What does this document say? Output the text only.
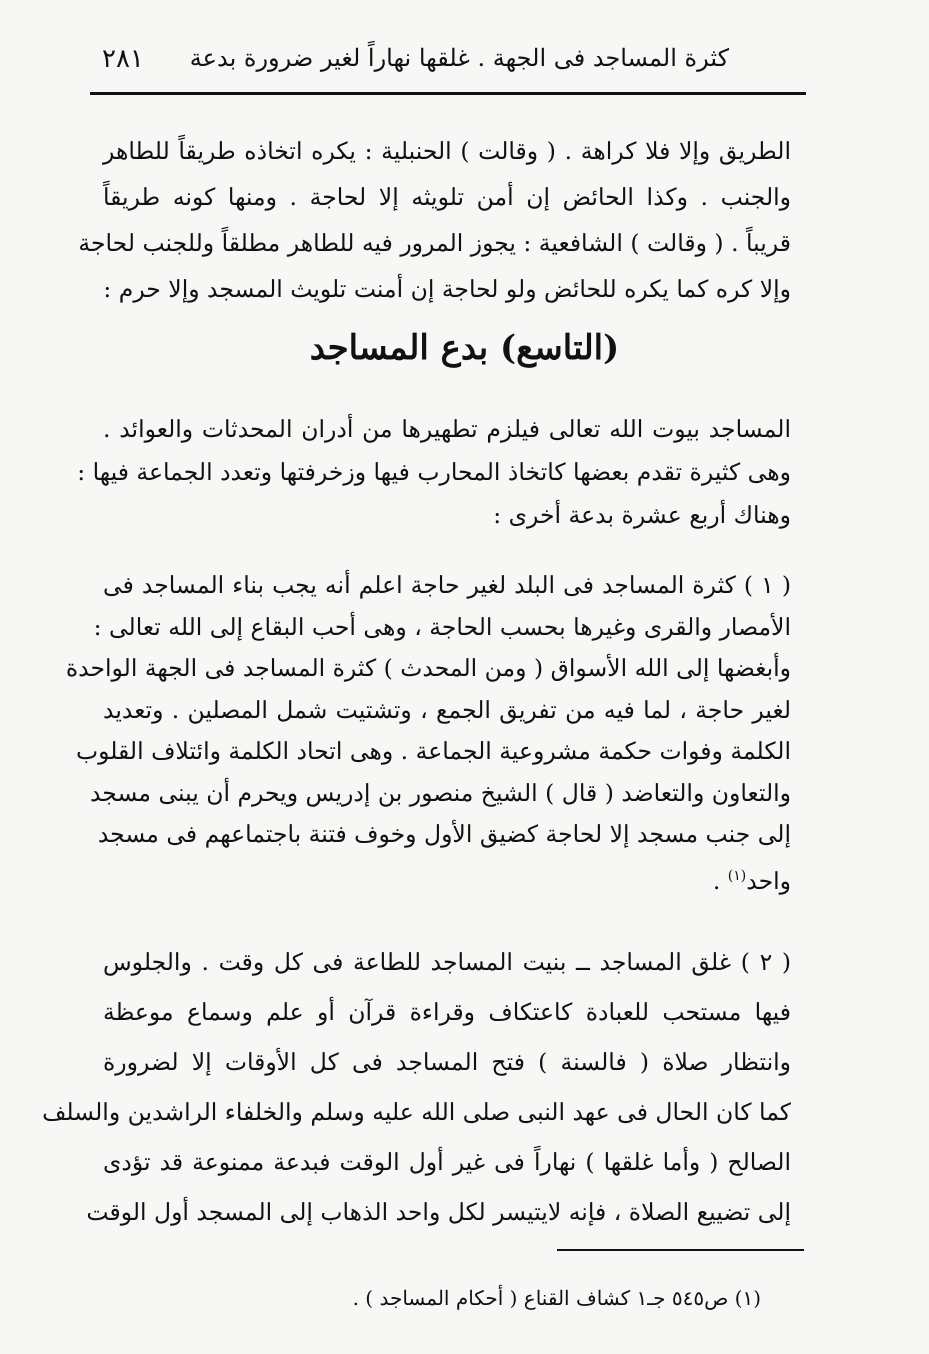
كثرة المساجد فى الجهة . غلقها نهاراً لغير ضرورة بدعة
٢٨١
الطريق وإلا فلا كراهة . ( وقالت ) الحنبلية : يكره اتخاذه طريقاً للطاهر
والجنب . وكذا الحائض إن أمن تلويثه إلا لحاجة . ومنها كونه طريقاً
قريباً . ( وقالت ) الشافعية : يجوز المرور فيه للطاهر مطلقاً وللجنب لحاجة
وإلا كره كما يكره للحائض ولو لحاجة إن أمنت تلويث المسجد وإلا حرم :
(التاسع) بدع المساجد
المساجد بيوت الله تعالى فيلزم تطهيرها من أدران المحدثات والعوائد .
وهى كثيرة تقدم بعضها كاتخاذ المحارب فيها وزخرفتها وتعدد الجماعة فيها :
وهناك أربع عشرة بدعة أخرى :
( ١ ) كثرة المساجد فى البلد لغير حاجة اعلم أنه يجب بناء المساجد فى
الأمصار والقرى وغيرها بحسب الحاجة ، وهى أحب البقاع إلى الله تعالى :
وأبغضها إلى الله الأسواق ( ومن المحدث ) كثرة المساجد فى الجهة الواحدة
لغير حاجة ، لما فيه من تفريق الجمع ، وتشتيت شمل المصلين . وتعديد
الكلمة وفوات حكمة مشروعية الجماعة . وهى اتحاد الكلمة وائتلاف القلوب
والتعاون والتعاضد ( قال ) الشيخ منصور بن إدريس ويحرم أن يبنى مسجد
إلى جنب مسجد إلا لحاجة كضيق الأول وخوف فتنة باجتماعهم فى مسجد
واحد$^{(١)}$ .
( ٢ ) غلق المساجد ــ بنيت المساجد للطاعة فى كل وقت . والجلوس
فيها مستحب للعبادة كاعتكاف وقراءة قرآن أو علم وسماع موعظة
وانتظار صلاة ( فالسنة ) فتح المساجد فى كل الأوقات إلا لضرورة
كما كان الحال فى عهد النبى صلى الله عليه وسلم والخلفاء الراشدين والسلف
الصالح ( وأما غلقها ) نهاراً فى غير أول الوقت فبدعة ممنوعة قد تؤدى
إلى تضييع الصلاة ، فإنه لايتيسر لكل واحد الذهاب إلى المسجد أول الوقت
(١) ص٥٤٥ جـ١ كشاف القناع ( أحكام المساجد ) .
